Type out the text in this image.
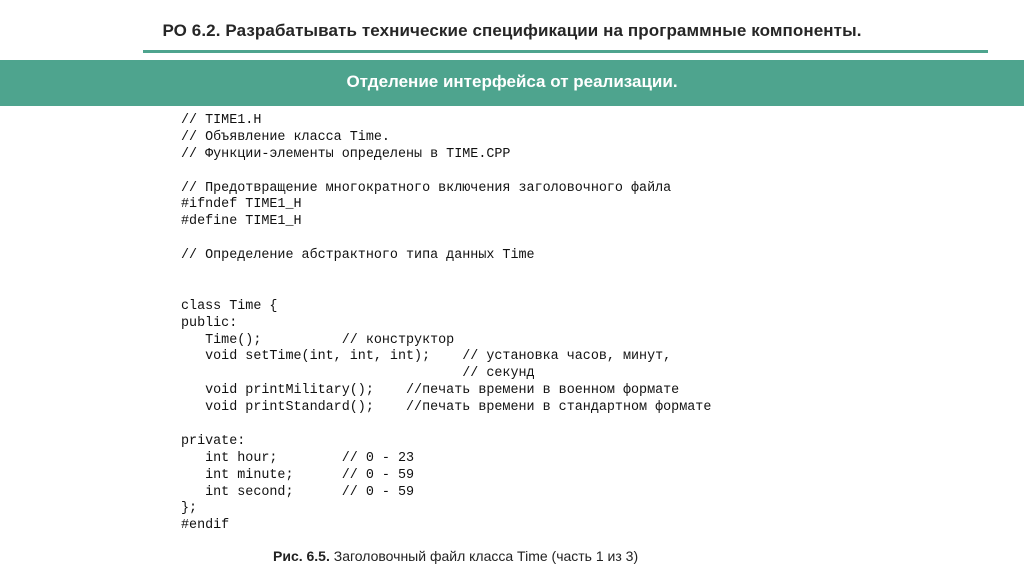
РО 6.2. Разрабатывать технические спецификации на программные компоненты.
Отделение интерфейса от реализации.
// TIME1.H
// Объявление класса Time.
// Функции-элементы определены в TIME.CPP
// Предотвращение многократного включения заголовочного файла
#ifndef TIME1_H
#define TIME1_H
// Определение абстрактного типа данных Time
class Time {
public:
Time();          // конструктор
void setTime(int, int, int);    // установка часов, минут,
// секунд
void printMilitary();    //печать времени в военном формате
void printStandard();    //печать времени в стандартном формате
private:
int hour;        // 0 - 23
int minute;      // 0 - 59
int second;      // 0 - 59
};
#endif
Рис. 6.5. Заголовочный файл класса Time (часть 1 из 3)
